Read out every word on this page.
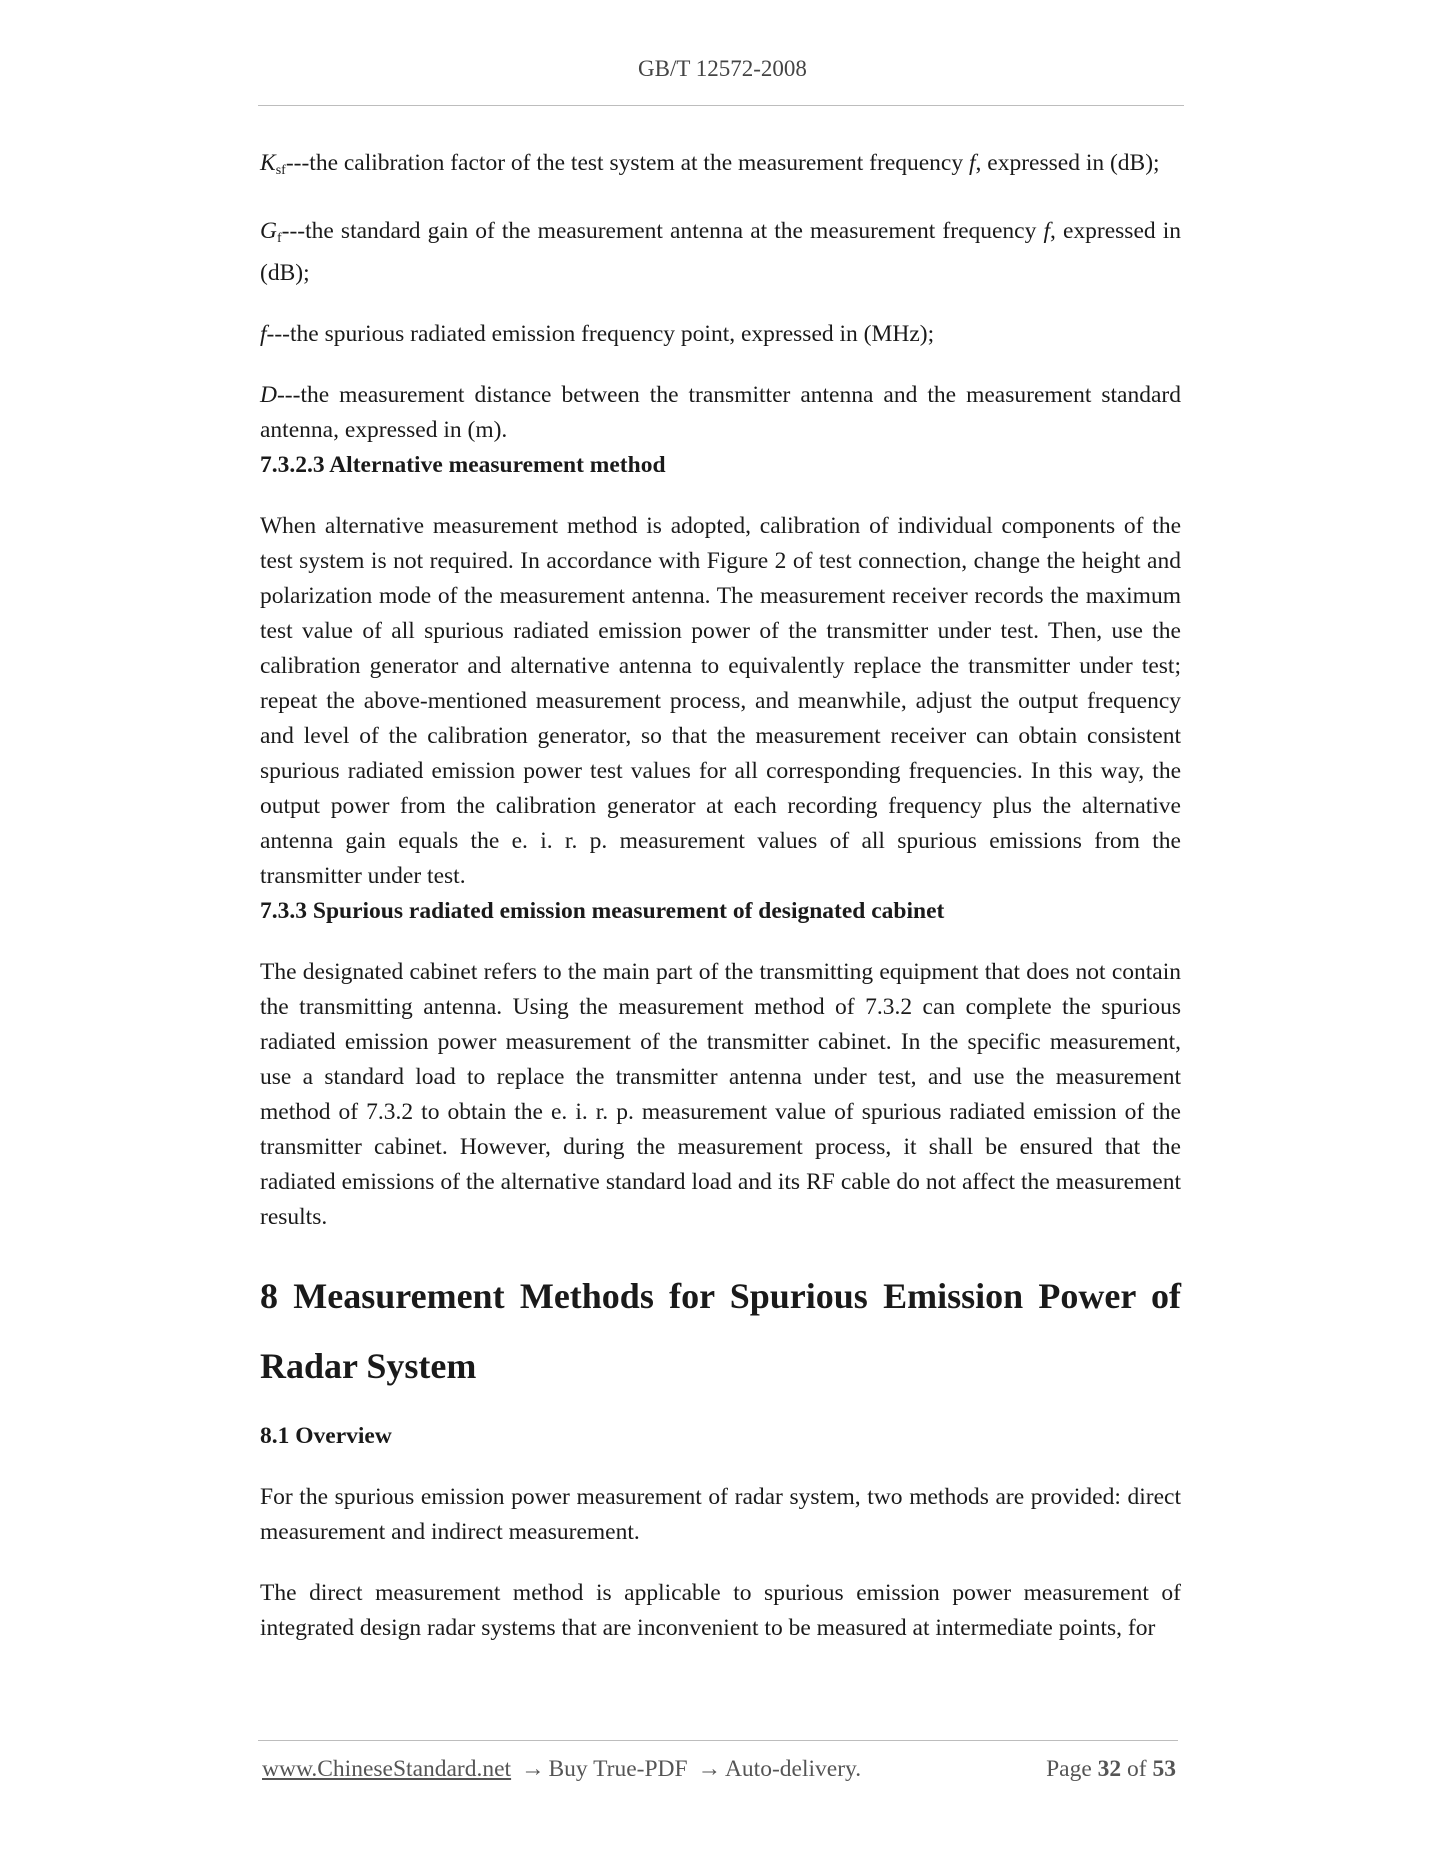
GB/T 12572-2008

$K_{sf}--$-the calibration factor of the test system at the measurement frequency f, expressed in (dB);

$G_f--$-the standard gain of the measurement antenna at the measurement frequency f, expressed in (dB);

f---the spurious radiated emission frequency point, expressed in (MHz);

D---the measurement distance between the transmitter antenna and the measurement standard antenna, expressed in (m).

7.3.2.3 Alternative measurement method

When alternative measurement method is adopted, calibration of individual components of the test system is not required. In accordance with Figure 2 of test connection, change the height and polarization mode of the measurement antenna. The measurement receiver records the maximum test value of all spurious radiated emission power of the transmitter under test. Then, use the calibration generator and alternative antenna to equivalently replace the transmitter under test; repeat the above-mentioned measurement process, and meanwhile, adjust the output frequency and level of the calibration generator, so that the measurement receiver can obtain consistent spurious radiated emission power test values for all corresponding frequencies. In this way, the output power from the calibration generator at each recording frequency plus the alternative antenna gain equals the e. i. r. p. measurement values of all spurious emissions from the transmitter under test.

7.3.3 Spurious radiated emission measurement of designated cabinet

The designated cabinet refers to the main part of the transmitting equipment that does not contain the transmitting antenna. Using the measurement method of 7.3.2 can complete the spurious radiated emission power measurement of the transmitter cabinet. In the specific measurement, use a standard load to replace the transmitter antenna under test, and use the measurement method of 7.3.2 to obtain the e. i. r. p. measurement value of spurious radiated emission of the transmitter cabinet. However, during the measurement process, it shall be ensured that the radiated emissions of the alternative standard load and its RF cable do not affect the measurement results.

8 Measurement Methods for Spurious Emission Power of Radar System

8.1 Overview

For the spurious emission power measurement of radar system, two methods are provided: direct measurement and indirect measurement.

The direct measurement method is applicable to spurious emission power measurement of integrated design radar systems that are inconvenient to be measured at intermediate points, for

www.ChineseStandard.net → Buy True-PDF → Auto-delivery.	Page 32 of 53
